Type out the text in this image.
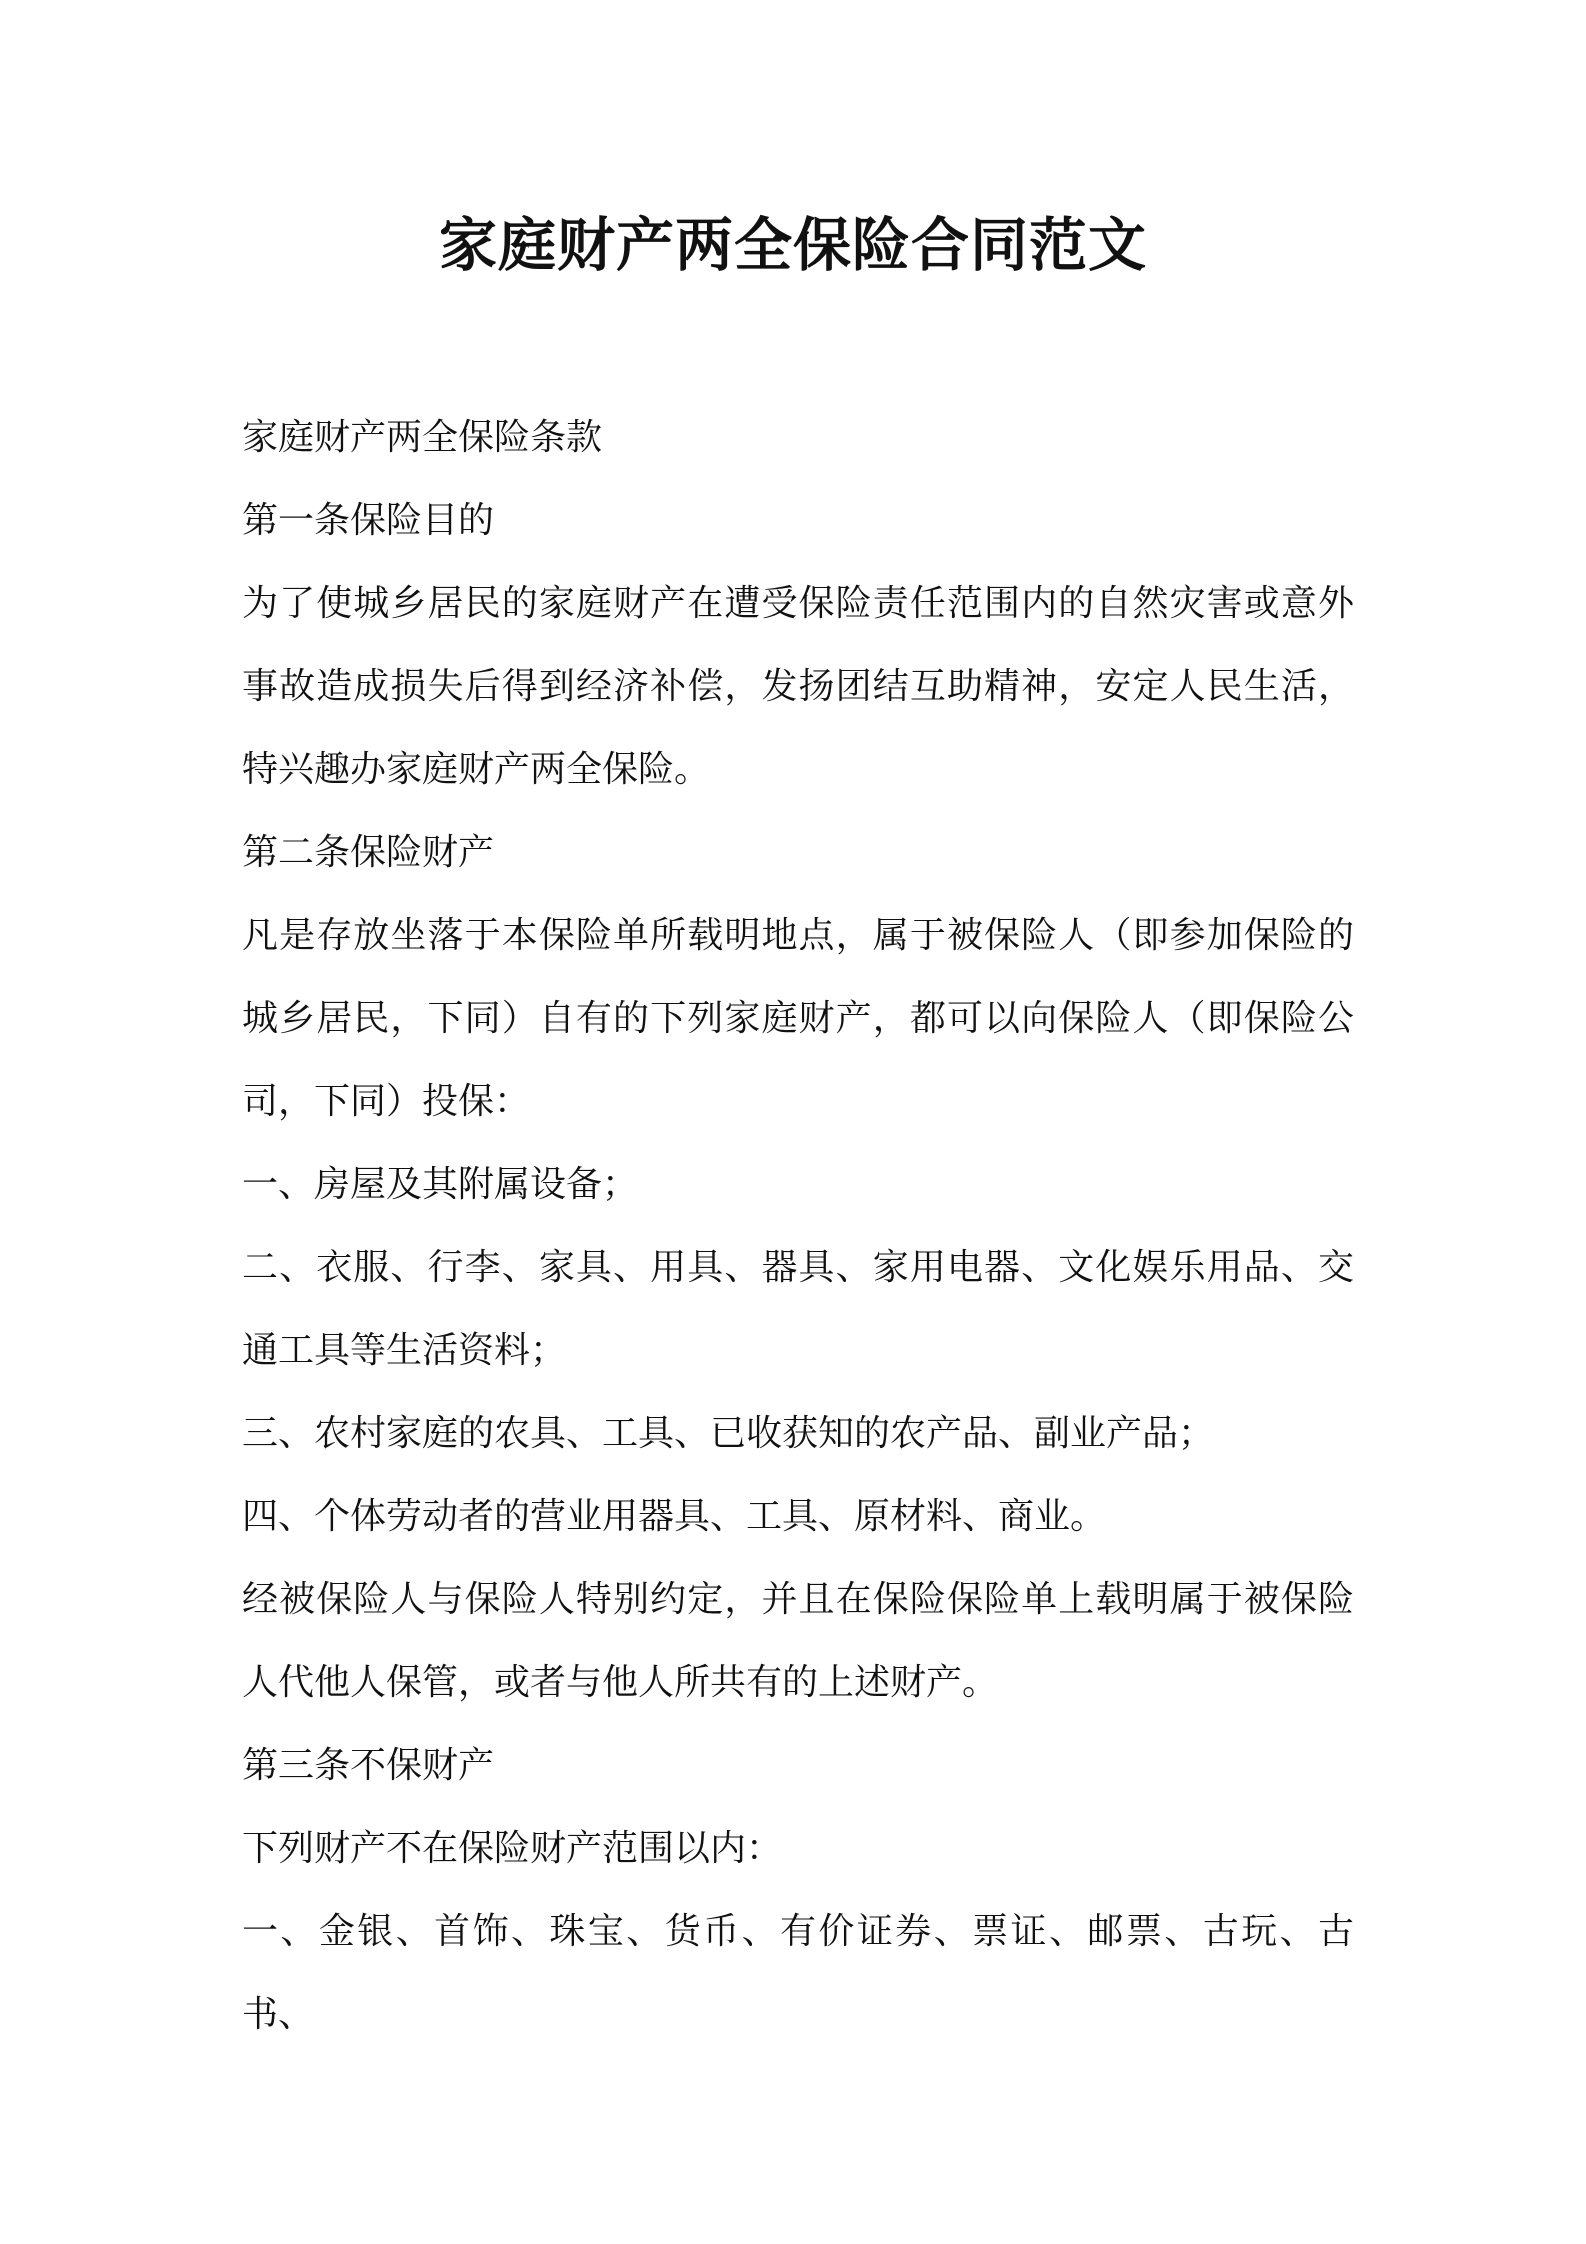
家庭财产两全保险合同范文

家庭财产两全保险条款

第一条保险目的

为了使城乡居民的家庭财产在遭受保险责任范围内的自然灾害或意外事故造成损失后得到经济补偿，发扬团结互助精神，安定人民生活，特兴趣办家庭财产两全保险。

第二条保险财产

凡是存放坐落于本保险单所载明地点，属于被保险人（即参加保险的城乡居民，下同）自有的下列家庭财产，都可以向保险人（即保险公司，下同）投保：

一、房屋及其附属设备；

二、衣服、行李、家具、用具、器具、家用电器、文化娱乐用品、交通工具等生活资料；

三、农村家庭的农具、工具、已收获知的农产品、副业产品；

四、个体劳动者的营业用器具、工具、原材料、商业。

经被保险人与保险人特别约定，并且在保险保险单上载明属于被保险人代他人保管，或者与他人所共有的上述财产。

第三条不保财产

下列财产不在保险财产范围以内：

一、金银、首饰、珠宝、货币、有价证券、票证、邮票、古玩、古书、
